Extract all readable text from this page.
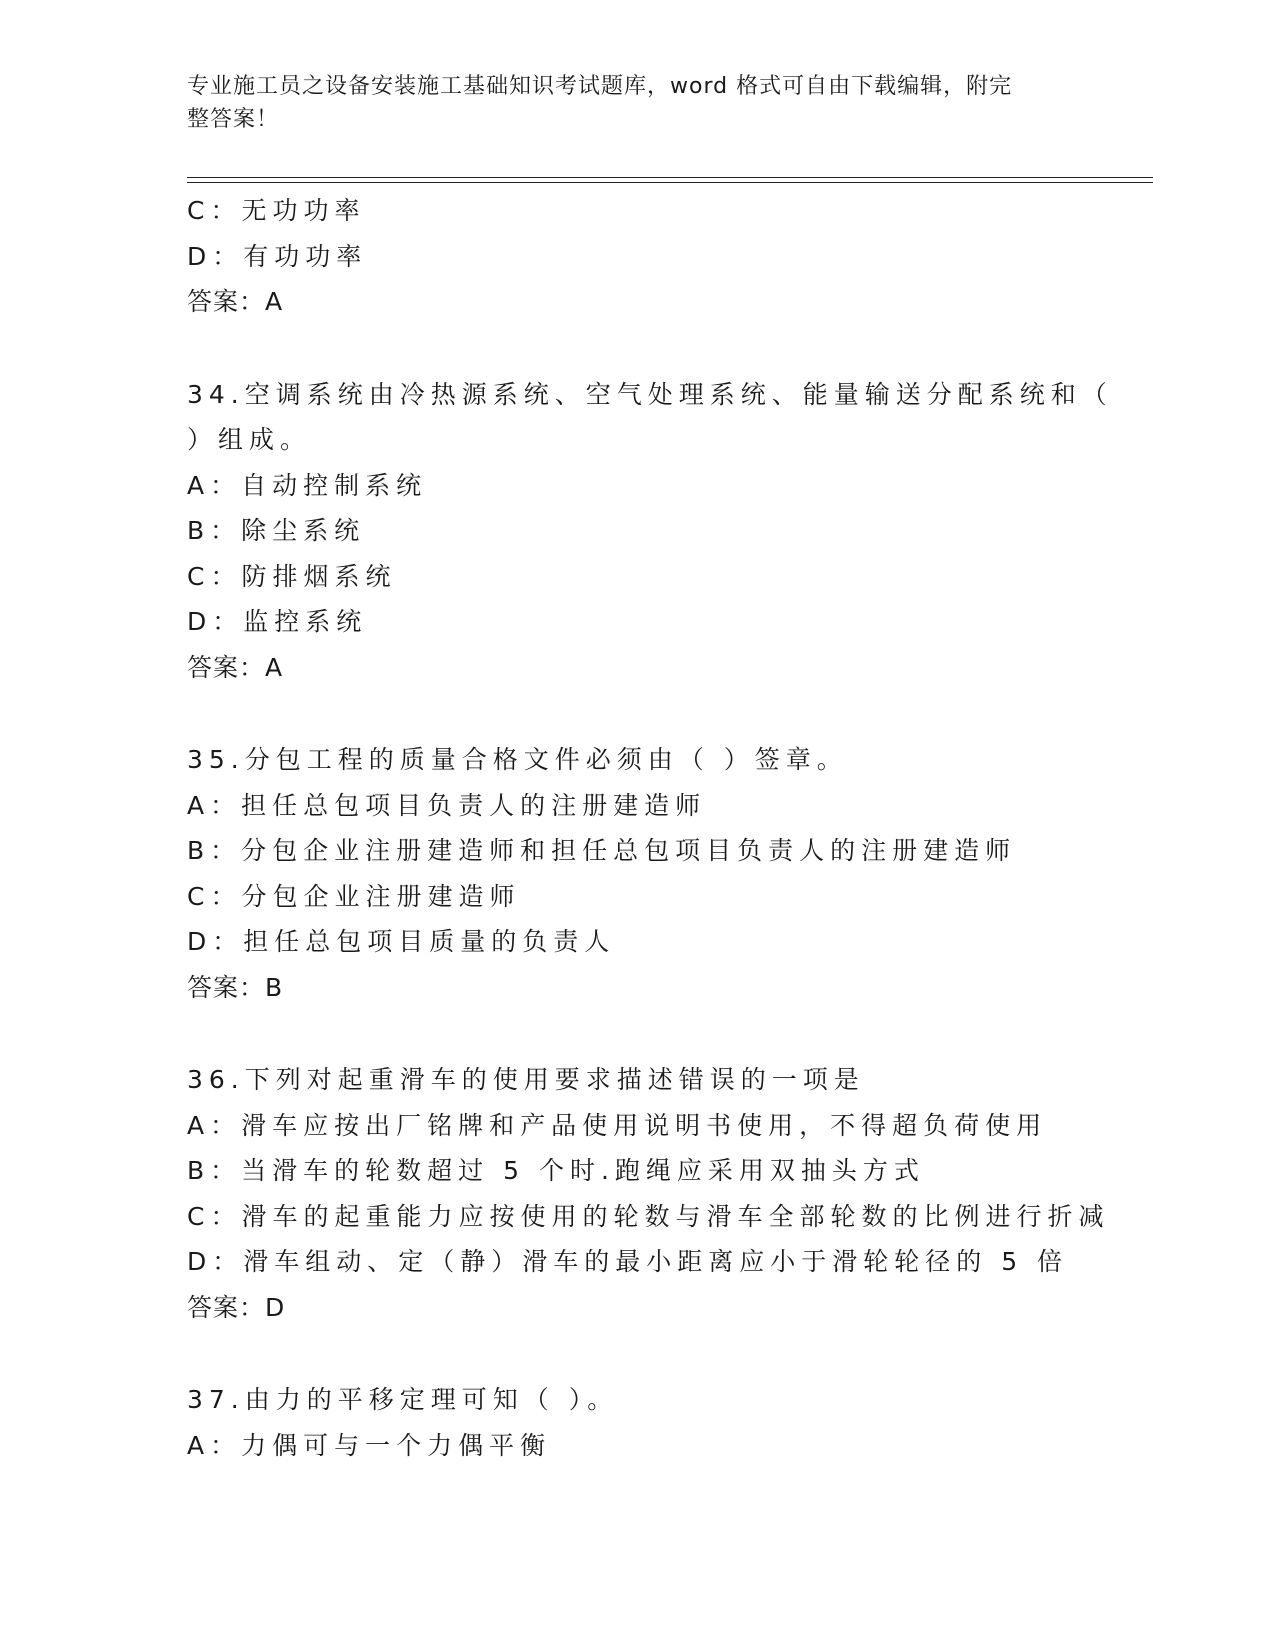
专业施工员之设备安装施工基础知识考试题库，word 格式可自由下载编辑，附完
整答案！
C：无功功率
D：有功功率
答案：A
34.空调系统由冷热源系统、空气处理系统、能量输送分配系统和（
）组成。
A：自动控制系统
B：除尘系统
C：防排烟系统
D：监控系统
答案：A
35.分包工程的质量合格文件必须由（ ）签章。
A：担任总包项目负责人的注册建造师
B：分包企业注册建造师和担任总包项目负责人的注册建造师
C：分包企业注册建造师
D：担任总包项目质量的负责人
答案：B
36.下列对起重滑车的使用要求描述错误的一项是
A：滑车应按出厂铭牌和产品使用说明书使用，不得超负荷使用
B：当滑车的轮数超过 5 个时.跑绳应采用双抽头方式
C：滑车的起重能力应按使用的轮数与滑车全部轮数的比例进行折减
D：滑车组动、定（静）滑车的最小距离应小于滑轮轮径的 5 倍
答案：D
37.由力的平移定理可知（ ）。
A：力偶可与一个力偶平衡
